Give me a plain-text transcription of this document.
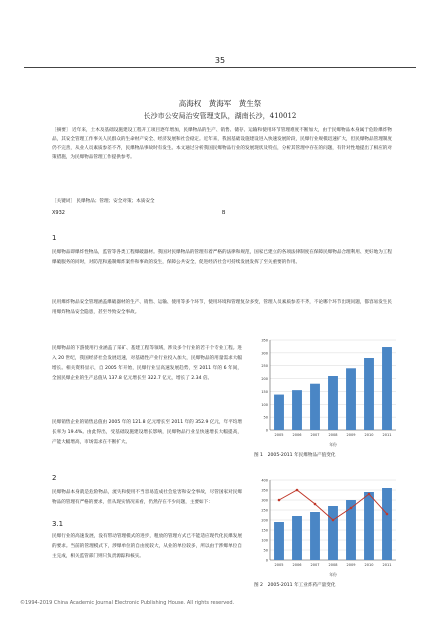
35
高海权　黄海军　黄生祭
长沙市公安局治安管理支队，湖南长沙，410012

［摘要］ 近年来，土木及基础设施建设工程开工项目逐年增加，民爆物品的生产、销售、储存、运输和使用环节管理难度不断加大，由于民爆物品本身属于危险爆炸物品，其安全管理工作事关人民群众的生命财产安全、经济发展和社会稳定。近年来，我国基础设施建设进入快速发展阶段，民爆行业规模迅速扩大，但民爆物品管理制度仍不完善，从业人员素质参差不齐，民爆物品事故时有发生。本文通过分析我国民爆物品行业的发展现状及特点，分析其管理中存在的问题，有针对性地提出了相应的对策措施，为民爆物品管理工作提供参考。

［关键词］ 民爆物品；管理；安全对策；本质安全
X932	B
1

民爆物品即爆炸性物品，监管等各类工程爆破器材。我国对民爆物品的管理有着严格的法律和规范，国家已建立的各项法律制度在保障民爆物品合理利用、更好地为工程爆破服务的同时，对防范和遏制爆炸案件和事故的发生，保障公共安全，促进经济社会可持续发展发挥了至关重要的作用。

民用爆炸物品安全管理涵盖爆破器材的生产、销售、运输、使用等多个环节，使用环境和管理复杂多变，管理人员素质参差不齐，不论哪个环节出现问题，都容易发生民用爆炸物品安全隐患，甚至导致安全事故。

民爆物品的下游使用行业涵盖了采矿、基建工程等领域，涉及多个行业的若干个专业工程。进入 20 世纪，我国经济社会发展迅速，对基础性产业行业投入加大，民爆物品的用量需求大幅增长。相关资料显示，自 2005 年开始，民爆行业呈高速发展趋势，至 2011 年的 6 年间，全国民爆企业的生产总值从 137.8 亿元增长至 322.7 亿元，增长了 2.34 倍。

民爆销售企业的销售总值由 2005 年的 121.8 亿元增长至 2011 年的 352.9 亿元，年平均增长率为 19.4%。由此得出，受基础设施建设增长影响，民爆物品行业呈快速增长大幅提高，产能大幅增高，市场需求在不断扩大。

0
50
100
150
200
250
300
350
2005	2006	2007	2008	2009	2010	2011
年份
图 1　2005-2011 年民爆物品产值变化
2

民爆物品本身就是危险物品，流失和使用不当容易造成社会危害和安全事故，尽管国家对民爆物品的管理有严格的要求，但从现实情况来看，仍然存在不少问题，主要如下：

3.1

民爆行业的高速发展，没有带动管理模式的进步，粗放的管理方式已不能适应现代化民爆发展的要求。当前的管理模式下，涉爆单位的自由度较大，从业的单位较多，所以由于涉爆单位自主完成，相关监管部门则只负责源踪和核实。

0
50
100
150
200
250
300
350
400
2005	2006	2007	2008	2009	2010	2011
年份
图 2　2005-2011 年工业炸药产量变化
©1994-2019 China Academic Journal Electronic Publishing House. All rights reserved.
